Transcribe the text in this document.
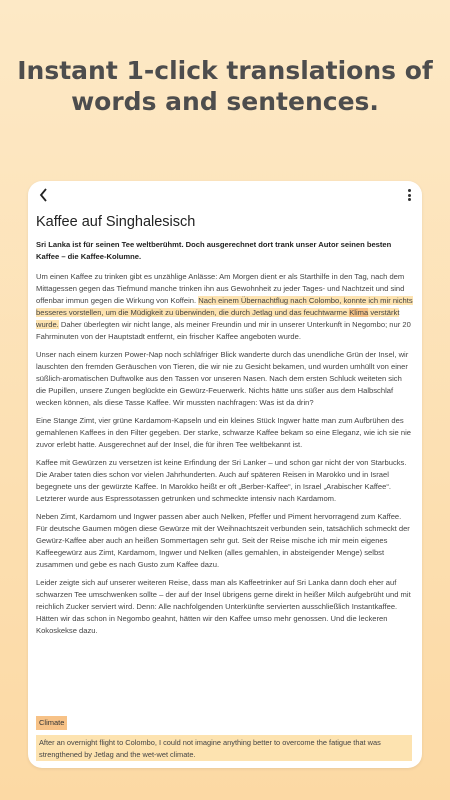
Instant 1-click translations of
words and sentences.
Kaffee auf Singhalesisch
Sri Lanka ist für seinen Tee weltberühmt. Doch ausgerechnet dort trank unser Autor seinen besten Kaffee – die Kaffee-Kolumne.
Um einen Kaffee zu trinken gibt es unzählige Anlässe: Am Morgen dient er als Starthilfe in den Tag, nach dem Mittagessen gegen das Tiefmund manche trinken ihn aus Gewohnheit zu jeder Tages- und Nachtzeit und sind offenbar immun gegen die Wirkung von Koffein. Nach einem Übernachtflug nach Colombo, konnte ich mir nichts besseres vorstellen, um die Müdigkeit zu überwinden, die durch Jetlag und das feuchtwarme Klima verstärkt wurde. Daher überlegten wir nicht lange, als meiner Freundin und mir in unserer Unterkunft in Negombo; nur 20 Fahrminuten von der Hauptstadt entfernt, ein frischer Kaffee angeboten wurde.
Unser nach einem kurzen Power-Nap noch schläfriger Blick wanderte durch das unendliche Grün der Insel, wir lauschten den fremden Geräuschen von Tieren, die wir nie zu Gesicht bekamen, und wurden umhüllt von einer süßlich-aromatischen Duftwolke aus den Tassen vor unseren Nasen. Nach dem ersten Schluck weiteten sich die Pupillen, unsere Zungen beglückte ein Gewürz-Feuerwerk. Nichts hätte uns süßer aus dem Halbschlaf wecken können, als diese Tasse Kaffee. Wir mussten nachfragen: Was ist da drin?
Eine Stange Zimt, vier grüne Kardamom-Kapseln und ein kleines Stück Ingwer hatte man zum Aufbrühen des gemahlenen Kaffees in den Filter gegeben. Der starke, schwarze Kaffee bekam so eine Eleganz, wie ich sie nie zuvor erlebt hatte. Ausgerechnet auf der Insel, die für ihren Tee weltbekannt ist.
Kaffee mit Gewürzen zu versetzen ist keine Erfindung der Sri Lanker – und schon gar nicht der von Starbucks. Die Araber taten dies schon vor vielen Jahrhunderten. Auch auf späteren Reisen in Marokko und in Israel begegnete uns der gewürzte Kaffee. In Marokko heißt er oft „Berber-Kaffee“, in Israel „Arabischer Kaffee“. Letzterer wurde aus Espressotassen getrunken und schmeckte intensiv nach Kardamom.
Neben Zimt, Kardamom und Ingwer passen aber auch Nelken, Pfeffer und Piment hervorragend zum Kaffee. Für deutsche Gaumen mögen diese Gewürze mit der Weihnachtszeit verbunden sein, tatsächlich schmeckt der Gewürz-Kaffee aber auch an heißen Sommertagen sehr gut. Seit der Reise mische ich mir mein eigenes Kaffeegewürz aus Zimt, Kardamom, Ingwer und Nelken (alles gemahlen, in absteigender Menge) selbst zusammen und gebe es nach Gusto zum Kaffee dazu.
Leider zeigte sich auf unserer weiteren Reise, dass man als Kaffeetrinker auf Sri Lanka dann doch eher auf schwarzen Tee umschwenken sollte – der auf der Insel übrigens gerne direkt in heißer Milch aufgebrüht und mit reichlich Zucker serviert wird. Denn: Alle nachfolgenden Unterkünfte servierten ausschließlich Instantkaffee. Hätten wir das schon in Negombo geahnt, hätten wir den Kaffee umso mehr genossen. Und die leckeren Kokoskekse dazu.
Climate
After an overnight flight to Colombo, I could not imagine anything better to overcome the fatigue that was strengthened by Jetlag and the wet-wet climate.
